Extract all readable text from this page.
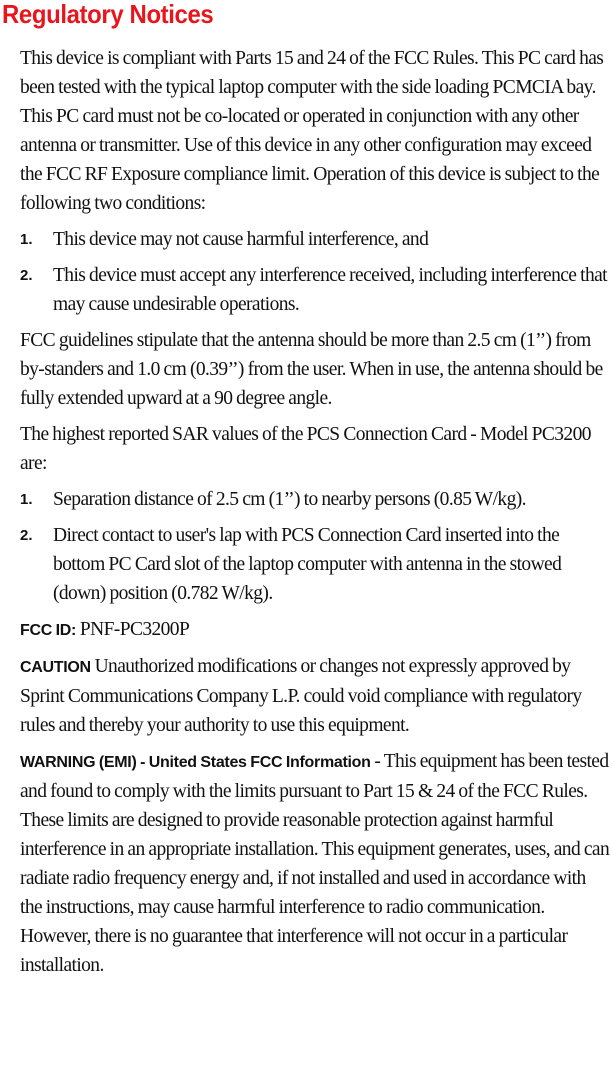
Regulatory Notices

This device is compliant with Parts 15 and 24 of the FCC Rules. This PC card has been tested with the typical laptop computer with the side loading PCMCIA bay. This PC card must not be co-located or operated in conjunction with any other antenna or transmitter. Use of this device in any other configuration may exceed the FCC RF Exposure compliance limit. Operation of this device is subject to the following two conditions:

1. This device may not cause harmful interference, and
2. This device must accept any interference received, including interference that may cause undesirable operations.

FCC guidelines stipulate that the antenna should be more than 2.5 cm (1’’) from by-standers and 1.0 cm (0.39’’) from the user. When in use, the antenna should be fully extended upward at a 90 degree angle.

The highest reported SAR values of the PCS Connection Card - Model PC3200 are:

1. Separation distance of 2.5 cm (1’’) to nearby persons (0.85 W/kg).
2. Direct contact to user's lap with PCS Connection Card inserted into the bottom PC Card slot of the laptop computer with antenna in the stowed (down) position (0.782 W/kg).

FCC ID: PNF-PC3200P

CAUTION Unauthorized modifications or changes not expressly approved by Sprint Communications Company L.P. could void compliance with regulatory rules and thereby your authority to use this equipment.

WARNING (EMI) - United States FCC Information - This equipment has been tested and found to comply with the limits pursuant to Part 15 & 24 of the FCC Rules. These limits are designed to provide reasonable protection against harmful interference in an appropriate installation. This equipment generates, uses, and can radiate radio frequency energy and, if not installed and used in accordance with the instructions, may cause harmful interference to radio communication. However, there is no guarantee that interference will not occur in a particular installation.
